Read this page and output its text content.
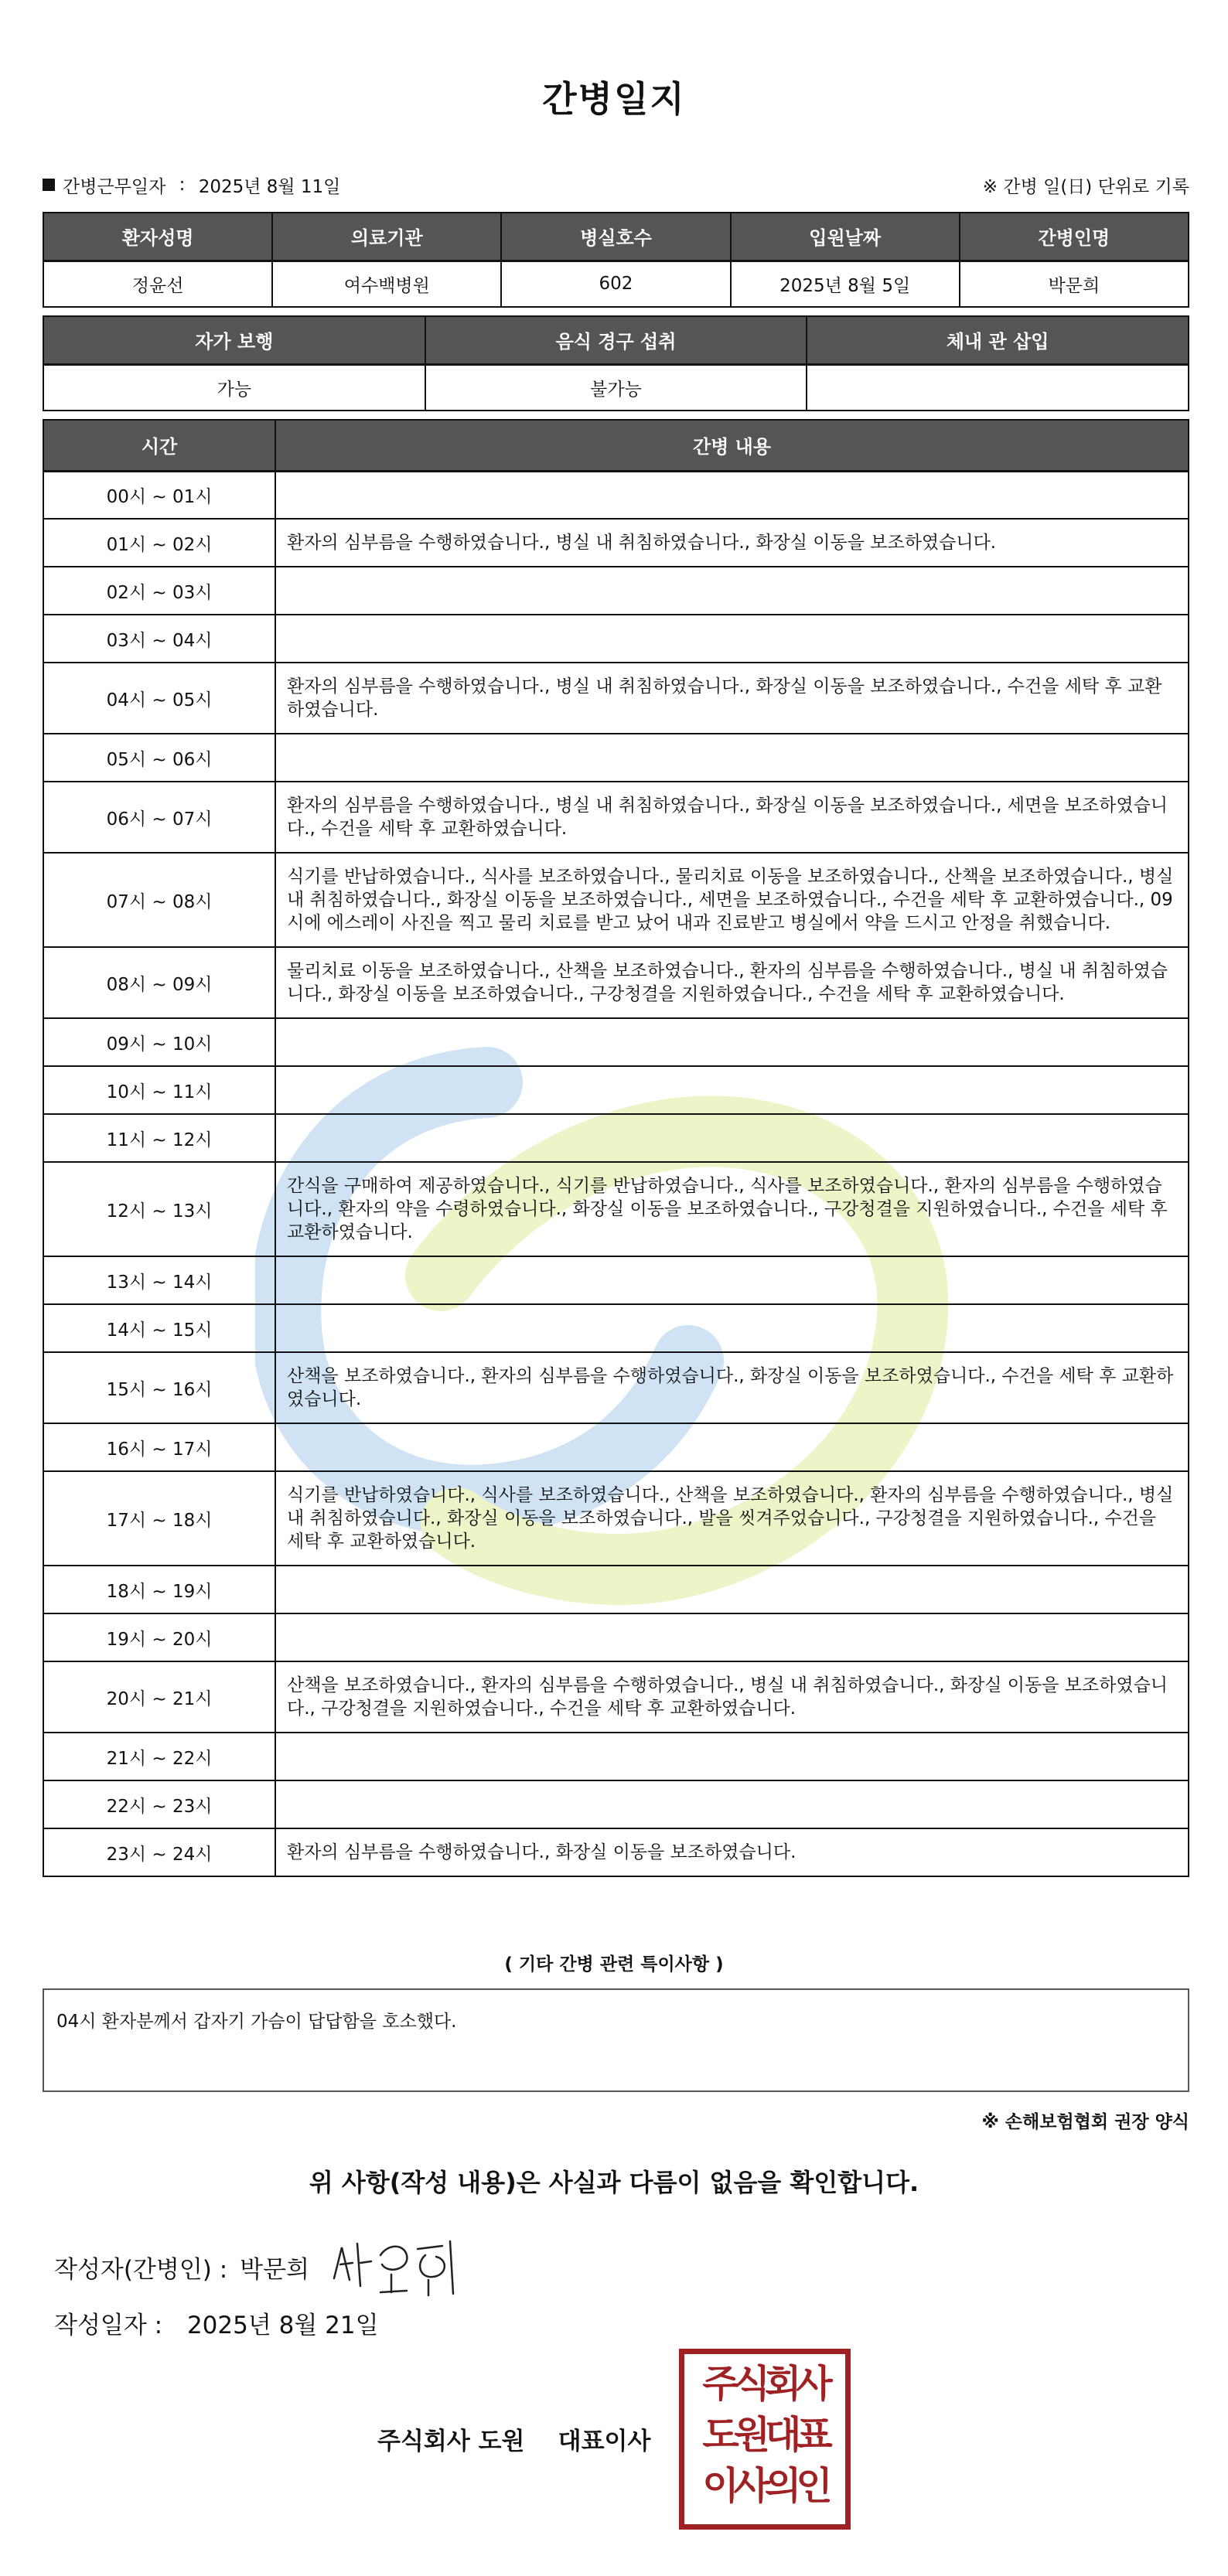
간병일지
간병근무일자 : 2025년 8월 11일	※ 간병 일(日) 단위로 기록
환자성명	의료기관	병실호수	입원날짜	간병인명
정윤선	여수백병원	602	2025년 8월 5일	박문희
자가 보행	음식 경구 섭취	체내 관 삽입
가능	불가능	
시간	간병 내용
00시 ~ 01시	
01시 ~ 02시	환자의 심부름을 수행하였습니다., 병실 내 취침하였습니다., 화장실 이동을 보조하였습니다.
02시 ~ 03시	
03시 ~ 04시	
04시 ~ 05시	환자의 심부름을 수행하였습니다., 병실 내 취침하였습니다., 화장실 이동을 보조하였습니다., 수건을 세탁 후 교환하였습니다.
05시 ~ 06시	
06시 ~ 07시	환자의 심부름을 수행하였습니다., 병실 내 취침하였습니다., 화장실 이동을 보조하였습니다., 세면을 보조하였습니다., 수건을 세탁 후 교환하였습니다.
07시 ~ 08시	식기를 반납하였습니다., 식사를 보조하였습니다., 물리치료 이동을 보조하였습니다., 산책을 보조하였습니다., 병실 내 취침하였습니다., 화장실 이동을 보조하였습니다., 세면을 보조하였습니다., 수건을 세탁 후 교환하였습니다., 09시에 에스레이 사진을 찍고 물리 치료를 받고 났어 내과 진료받고 병실에서 약을 드시고 안정을 취했습니다.
08시 ~ 09시	물리치료 이동을 보조하였습니다., 산책을 보조하였습니다., 환자의 심부름을 수행하였습니다., 병실 내 취침하였습니다., 화장실 이동을 보조하였습니다., 구강청결을 지원하였습니다., 수건을 세탁 후 교환하였습니다.
09시 ~ 10시	
10시 ~ 11시	
11시 ~ 12시	
12시 ~ 13시	간식을 구매하여 제공하였습니다., 식기를 반납하였습니다., 식사를 보조하였습니다., 환자의 심부름을 수행하였습니다., 환자의 약을 수령하였습니다., 화장실 이동을 보조하였습니다., 구강청결을 지원하였습니다., 수건을 세탁 후 교환하였습니다.
13시 ~ 14시	
14시 ~ 15시	
15시 ~ 16시	산책을 보조하였습니다., 환자의 심부름을 수행하였습니다., 화장실 이동을 보조하였습니다., 수건을 세탁 후 교환하였습니다.
16시 ~ 17시	
17시 ~ 18시	식기를 반납하였습니다., 식사를 보조하였습니다., 산책을 보조하였습니다., 환자의 심부름을 수행하였습니다., 병실 내 취침하였습니다., 화장실 이동을 보조하였습니다., 발을 씻겨주었습니다., 구강청결을 지원하였습니다., 수건을 세탁 후 교환하였습니다.
18시 ~ 19시	
19시 ~ 20시	
20시 ~ 21시	산책을 보조하였습니다., 환자의 심부름을 수행하였습니다., 병실 내 취침하였습니다., 화장실 이동을 보조하였습니다., 구강청결을 지원하였습니다., 수건을 세탁 후 교환하였습니다.
21시 ~ 22시	
22시 ~ 23시	
23시 ~ 24시	환자의 심부름을 수행하였습니다., 화장실 이동을 보조하였습니다.
( 기타 간병 관련 특이사항 )
04시 환자분께서 갑자기 가슴이 답답함을 호소했다.
※ 손해보험협회 권장 양식
위 사항(작성 내용)은 사실과 다름이 없음을 확인합니다.
작성자(간병인) : 박문희
작성일자 : 2025년 8월 21일
주식회사 도원    대표이사
주식회사
도원대표
이사의인
